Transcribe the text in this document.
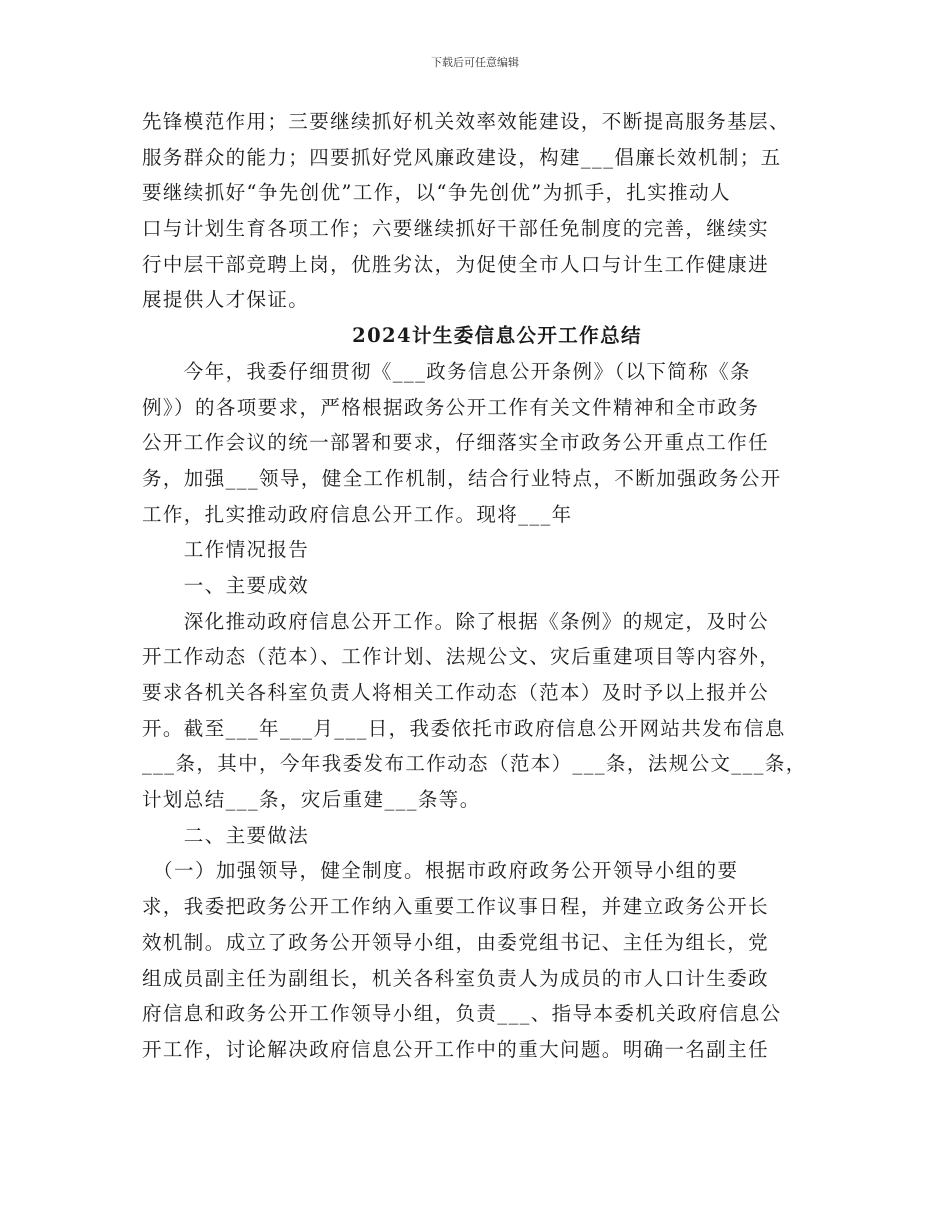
下载后可任意编辑
先锋模范作用；三要继续抓好机关效率效能建设，不断提高服务基层、
服务群众的能力；四要抓好党风廉政建设，构建___倡廉长效机制；五
要继续抓好“争先创优”工作，以“争先创优”为抓手，扎实推动人
口与计划生育各项工作；六要继续抓好干部任免制度的完善，继续实
行中层干部竞聘上岗，优胜劣汰，为促使全市人口与计生工作健康进
展提供人才保证。
2024计生委信息公开工作总结
　　今年，我委仔细贯彻《___政务信息公开条例》（以下简称《条
例》）的各项要求，严格根据政务公开工作有关文件精神和全市政务
公开工作会议的统一部署和要求，仔细落实全市政务公开重点工作任
务，加强___领导，健全工作机制，结合行业特点，不断加强政务公开
工作，扎实推动政府信息公开工作。现将___年
　　工作情况报告
　　一、主要成效
　　深化推动政府信息公开工作。除了根据《条例》的规定，及时公
开工作动态（范本）、工作计划、法规公文、灾后重建项目等内容外，
要求各机关各科室负责人将相关工作动态（范本）及时予以上报并公
开。截至___年___月___日，我委依托市政府信息公开网站共发布信息
___条，其中，今年我委发布工作动态（范本）___条，法规公文___条，
计划总结___条，灾后重建___条等。
　　二、主要做法
　（一）加强领导，健全制度。根据市政府政务公开领导小组的要
求，我委把政务公开工作纳入重要工作议事日程，并建立政务公开长
效机制。成立了政务公开领导小组，由委党组书记、主任为组长，党
组成员副主任为副组长，机关各科室负责人为成员的市人口计生委政
府信息和政务公开工作领导小组，负责___、指导本委机关政府信息公
开工作，讨论解决政府信息公开工作中的重大问题。明确一名副主任
